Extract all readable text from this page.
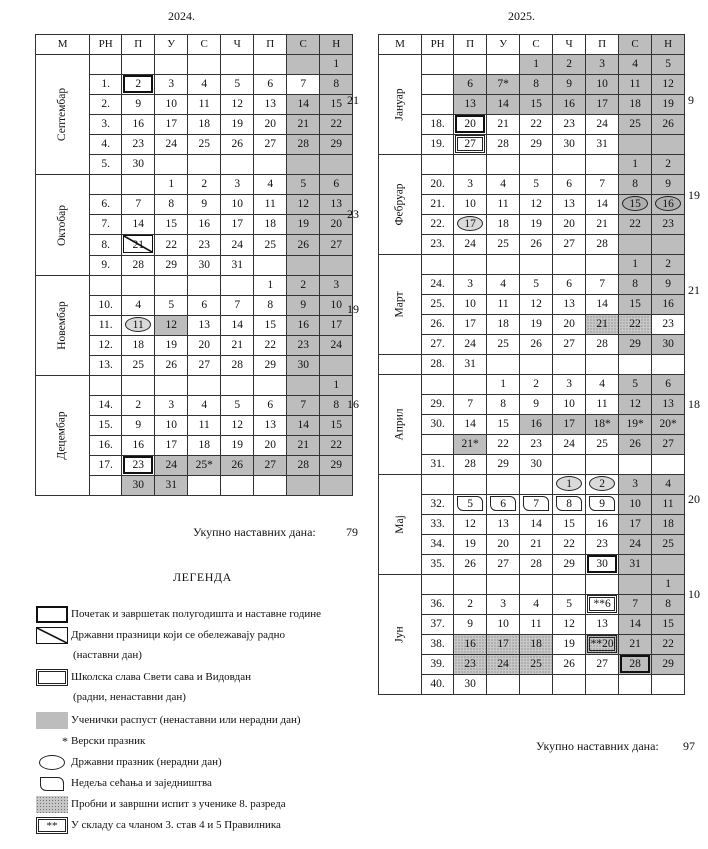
2024.	2025.
М	РН	П	У	С	Ч	П	С	Н
Септембар								1
	1.	2	3	4	5	6	7	8
	2.	9	10	11	12	13	14	15
	3.	16	17	18	19	20	21	22
	4.	23	24	25	26	27	28	29
	5.	30						
Октобар			1	2	3	4	5	6
	6.	7	8	9	10	11	12	13
	7.	14	15	16	17	18	19	20
	8.	21	22	23	24	25	26	27
	9.	28	29	30	31			
Новембар						1	2	3
	10.	4	5	6	7	8	9	10
	11.	11	12	13	14	15	16	17
	12.	18	19	20	21	22	23	24
	13.	25	26	27	28	29	30	
Децембар								1
	14.	2	3	4	5	6	7	8
	15.	9	10	11	12	13	14	15
	16.	16	17	18	19	20	21	22
	17.	23	24	25*	26	27	28	29
		30	31					
М	РН	П	У	С	Ч	П	С	Н
Јануар				1	2	3	4	5
		6	7*	8	9	10	11	12
		13	14	15	16	17	18	19
	18.	20	21	22	23	24	25	26
	19.	27	28	29	30	31		
Фебруар							1	2
	20.	3	4	5	6	7	8	9
	21.	10	11	12	13	14	15	16
	22.	17	18	19	20	21	22	23
	23.	24	25	26	27	28		
Март							1	2
	24.	3	4	5	6	7	8	9
	25.	10	11	12	13	14	15	16
	26.	17	18	19	20	21	22	23
	27.	24	25	26	27	28	29	30
	28.	31						
Април			1	2	3	4	5	6
	29.	7	8	9	10	11	12	13
	30.	14	15	16	17	18*	19*	20*
		21*	22	23	24	25	26	27
	31.	28	29	30				
Мај					1	2	3	4
	32.	5	6	7	8	9	10	11
	33.	12	13	14	15	16	17	18
	34.	19	20	21	22	23	24	25
	35.	26	27	28	29	30	31	
Јун								1
	36.	2	3	4	5	**6	7	8
	37.	9	10	11	12	13	14	15
	38.	16	17	18	19	**20	21	22
	39.	23	24	25	26	27	28	29
	40.	30						
Укупно наставних дана:	79
Укупно наставних дана: 97
ЛЕГЕНДА
Почетак и завршетак полугодишта и наставне године
Државни празници који се обележавају радно
(наставни дан)
Школска слава Свети сава и Видовдан
(радни, ненаставни дан)
Ученички распуст (ненаставни или нерадни дан)
* Верски празник
Државни празник (нерадни дан)
Недеља сећања и заједништва
Пробни и завршни испит з ученике 8. разреда
**	У складу са чланом 3. став 4 и 5 Правилника
21
23
19
16
9
19
21
18
20
10
